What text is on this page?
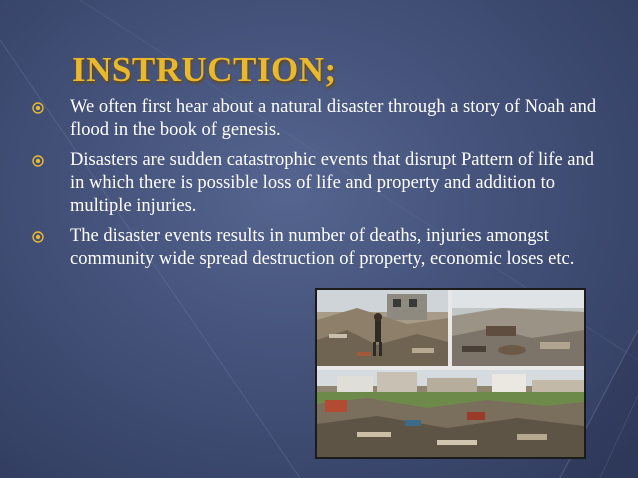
INSTRUCTION;
We often first hear about a natural disaster through a story of Noah and flood in the book of genesis.
Disasters are sudden catastrophic events that disrupt Pattern of life and in which there is possible loss of life and property and addition to multiple injuries.
The disaster events results in number of deaths, injuries amongst community wide spread destruction of property, economic loses etc.
